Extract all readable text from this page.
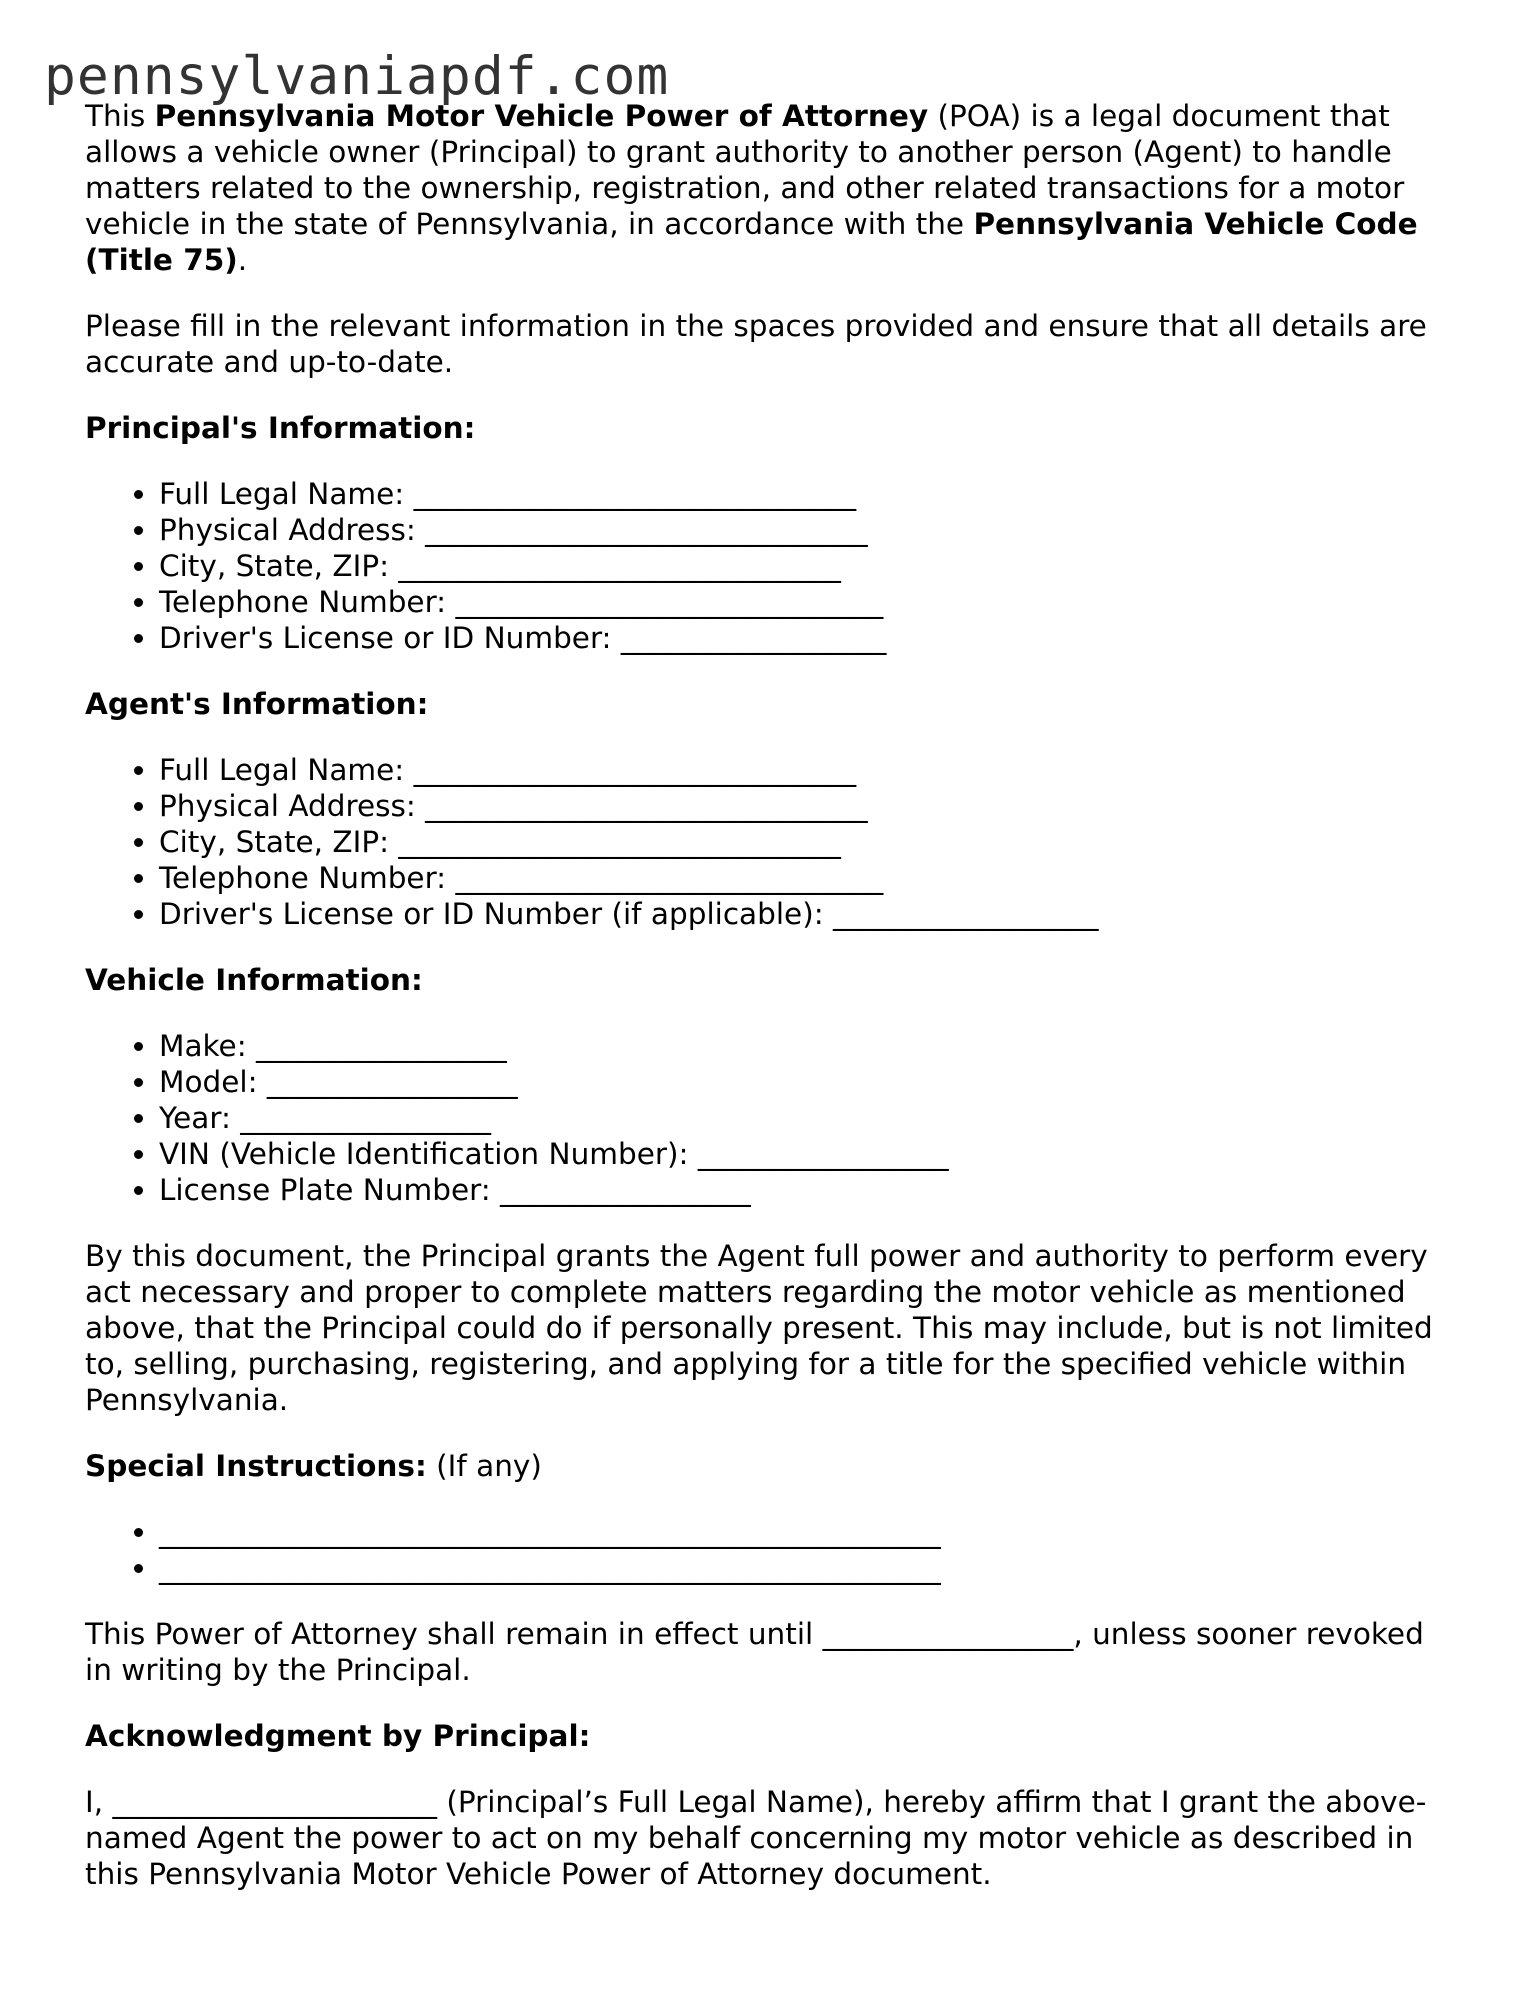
pennsylvaniapdf.com

This Pennsylvania Motor Vehicle Power of Attorney (POA) is a legal document that allows a vehicle owner (Principal) to grant authority to another person (Agent) to handle matters related to the ownership, registration, and other related transactions for a motor vehicle in the state of Pennsylvania, in accordance with the Pennsylvania Vehicle Code (Title 75).

Please fill in the relevant information in the spaces provided and ensure that all details are accurate and up-to-date.

Principal's Information:
• Full Legal Name: ______________________________
• Physical Address: ______________________________
• City, State, ZIP: ______________________________
• Telephone Number: _____________________________
• Driver's License or ID Number: __________________
Agent's Information:
• Full Legal Name: ______________________________
• Physical Address: ______________________________
• City, State, ZIP: ______________________________
• Telephone Number: _____________________________
• Driver's License or ID Number (if applicable): __________________
Vehicle Information:
• Make: _________________
• Model: _________________
• Year: _________________
• VIN (Vehicle Identification Number): _________________
• License Plate Number: _________________

By this document, the Principal grants the Agent full power and authority to perform every act necessary and proper to complete matters regarding the motor vehicle as mentioned above, that the Principal could do if personally present. This may include, but is not limited to, selling, purchasing, registering, and applying for a title for the specified vehicle within Pennsylvania.

Special Instructions: (If any)
• _____________________________________________________
• _____________________________________________________

This Power of Attorney shall remain in effect until _________________, unless sooner revoked in writing by the Principal.

Acknowledgment by Principal:

I, ______________________ (Principal’s Full Legal Name), hereby affirm that I grant the above-named Agent the power to act on my behalf concerning my motor vehicle as described in this Pennsylvania Motor Vehicle Power of Attorney document.
